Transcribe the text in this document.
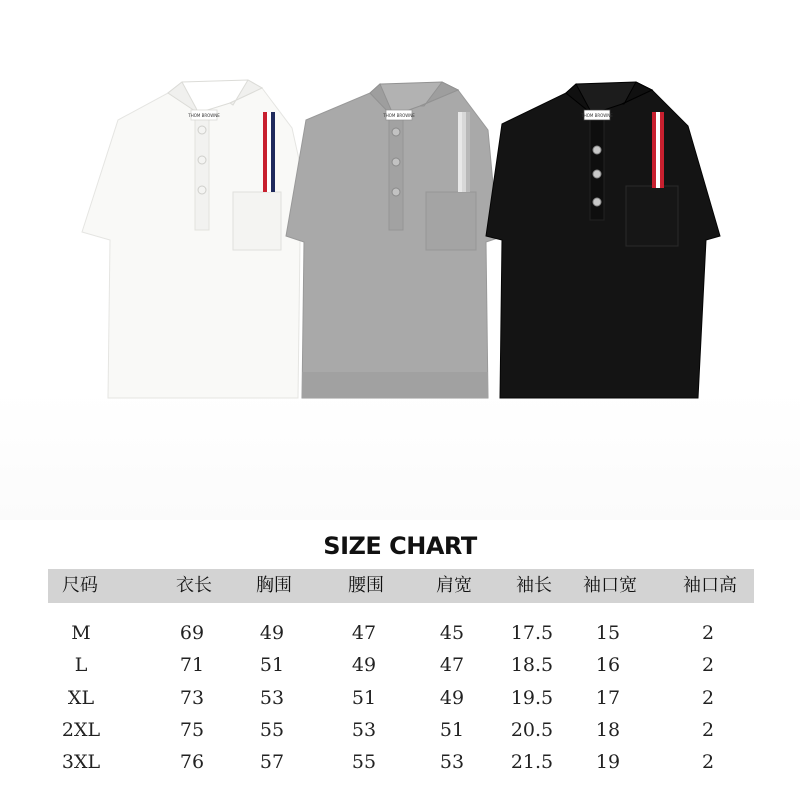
THOM BROWNE	THOM BROWNE	THOM BROWNE
SIZE CHART
尺码	衣长	胸围	腰围	肩宽	袖长	袖口宽	袖口高
M	69	49	47	45	17.5	15	2
L	71	51	49	47	18.5	16	2
XL	73	53	51	49	19.5	17	2
2XL	75	55	53	51	20.5	18	2
3XL	76	57	55	53	21.5	19	2
